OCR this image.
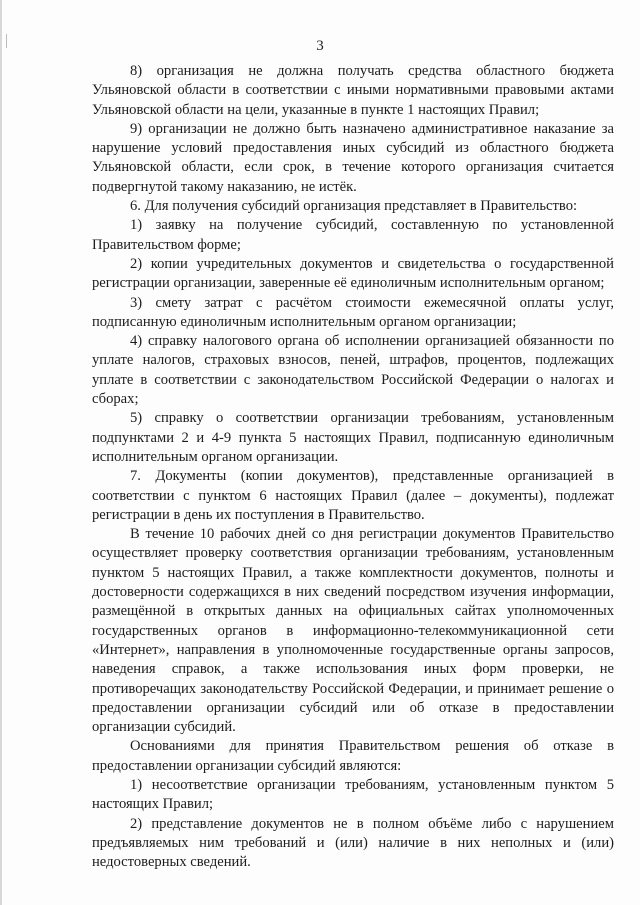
3

8) организация не должна получать средства областного бюджета Ульяновской области в соответствии с иными нормативными правовыми актами Ульяновской области на цели, указанные в пункте 1 настоящих Правил;

9) организации не должно быть назначено административное наказание за нарушение условий предоставления иных субсидий из областного бюджета Ульяновской области, если срок, в течение которого организация считается подвергнутой такому наказанию, не истёк.

6. Для получения субсидий организация представляет в Правительство:

1) заявку на получение субсидий, составленную по установленной Правительством форме;

2) копии учредительных документов и свидетельства о государственной регистрации организации, заверенные её единоличным исполнительным органом;

3) смету затрат с расчётом стоимости ежемесячной оплаты услуг, подписанную единоличным исполнительным органом организации;

4) справку налогового органа об исполнении организацией обязанности по уплате налогов, страховых взносов, пеней, штрафов, процентов, подлежащих уплате в соответствии с законодательством Российской Федерации о налогах и сборах;

5) справку о соответствии организации требованиям, установленным подпунктами 2 и 4-9 пункта 5 настоящих Правил, подписанную единоличным исполнительным органом организации.

7. Документы (копии документов), представленные организацией в соответствии с пунктом 6 настоящих Правил (далее – документы), подлежат регистрации в день их поступления в Правительство.

В течение 10 рабочих дней со дня регистрации документов Правительство осуществляет проверку соответствия организации требованиям, установленным пунктом 5 настоящих Правил, а также комплектности документов, полноты и достоверности содержащихся в них сведений посредством изучения информации, размещённой в открытых данных на официальных сайтах уполномоченных государственных органов в информационно-телекоммуникационной сети «Интернет», направления в уполномоченные государственные органы запросов, наведения справок, а также использования иных форм проверки, не противоречащих законодательству Российской Федерации, и принимает решение о предоставлении организации субсидий или об отказе в предоставлении организации субсидий.

Основаниями для принятия Правительством решения об отказе в предоставлении организации субсидий являются:

1) несоответствие организации требованиям, установленным пунктом 5 настоящих Правил;

2) представление документов не в полном объёме либо с нарушением предъявляемых ним требований и (или) наличие в них неполных и (или) недостоверных сведений.
